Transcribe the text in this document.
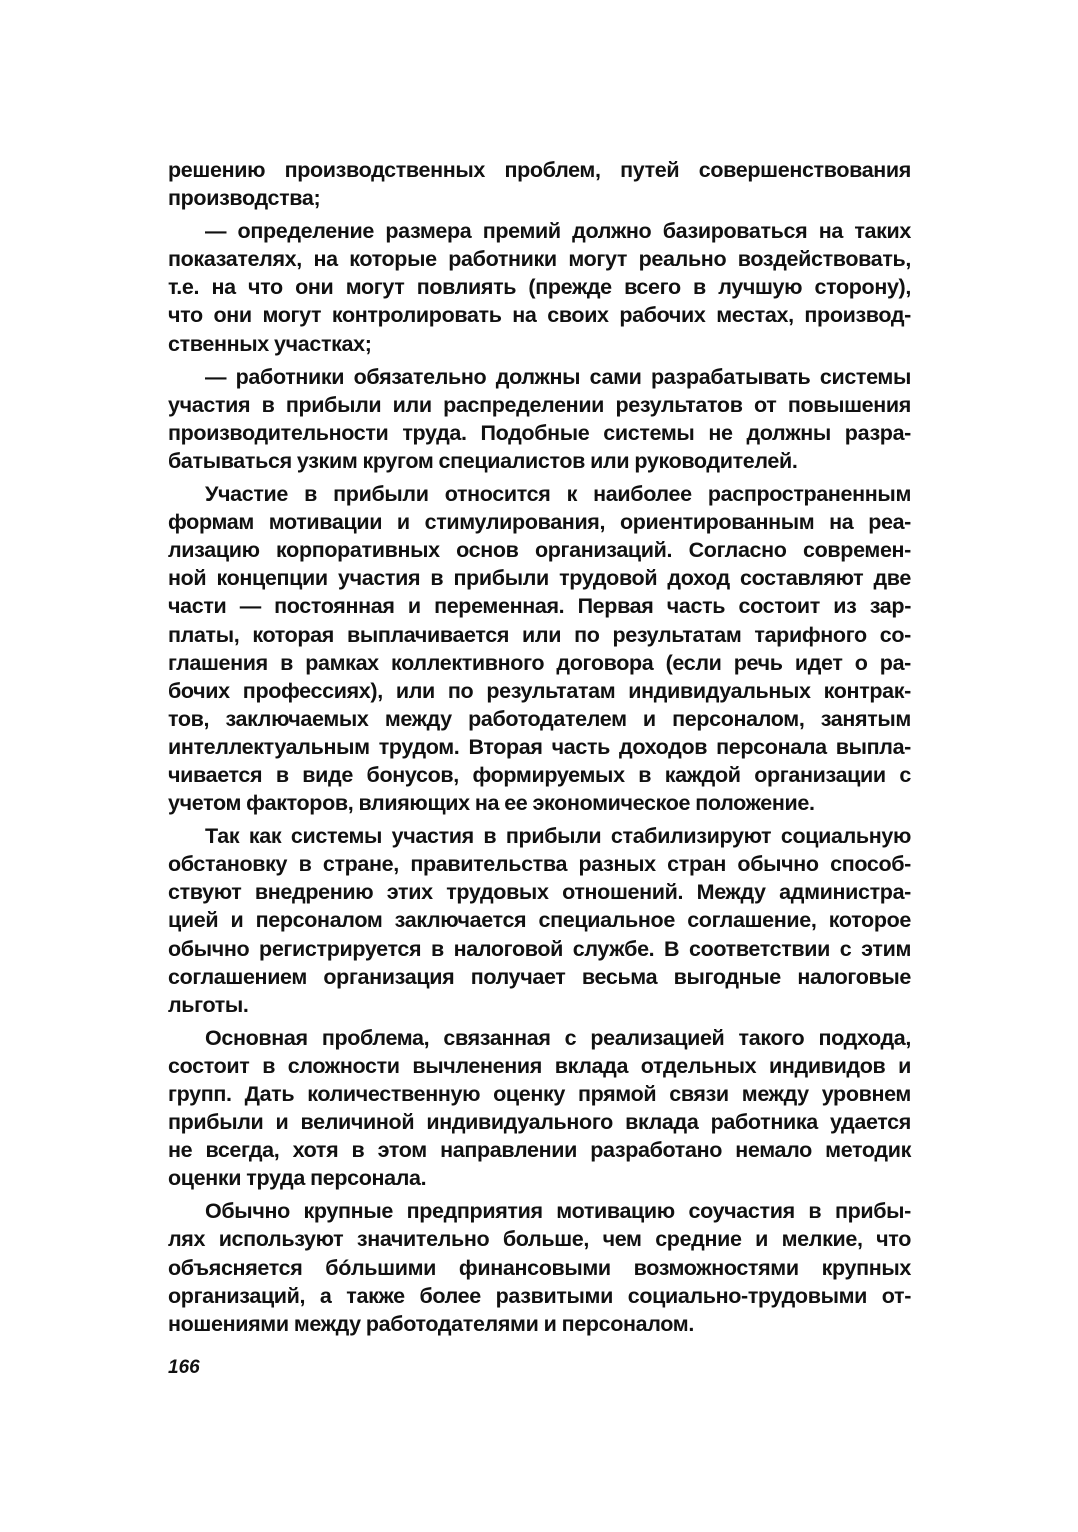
решению производственных проблем, путей совершенствования
производства;
— определение размера премий должно базироваться на таких
показателях, на которые работники могут реально воздействовать,
т.е. на что они могут повлиять (прежде всего в лучшую сторону),
что они могут контролировать на своих рабочих местах, производ-
ственных участках;
— работники обязательно должны сами разрабатывать системы
участия в прибыли или распределении результатов от повышения
производительности труда. Подобные системы не должны разра-
батываться узким кругом специалистов или руководителей.
Участие в прибыли относится к наиболее распространенным
формам мотивации и стимулирования, ориентированным на реа-
лизацию корпоративных основ организаций. Согласно современ-
ной концепции участия в прибыли трудовой доход составляют две
части — постоянная и переменная. Первая часть состоит из зар-
платы, которая выплачивается или по результатам тарифного со-
глашения в рамках коллективного договора (если речь идет о ра-
бочих профессиях), или по результатам индивидуальных контрак-
тов, заключаемых между работодателем и персоналом, занятым
интеллектуальным трудом. Вторая часть доходов персонала выпла-
чивается в виде бонусов, формируемых в каждой организации с
учетом факторов, влияющих на ее экономическое положение.
Так как системы участия в прибыли стабилизируют социальную
обстановку в стране, правительства разных стран обычно способ-
ствуют внедрению этих трудовых отношений. Между администра-
цией и персоналом заключается специальное соглашение, которое
обычно регистрируется в налоговой службе. В соответствии с этим
соглашением организация получает весьма выгодные налоговые
льготы.
Основная проблема, связанная с реализацией такого подхода,
состоит в сложности вычленения вклада отдельных индивидов и
групп. Дать количественную оценку прямой связи между уровнем
прибыли и величиной индивидуального вклада работника удается
не всегда, хотя в этом направлении разработано немало методик
оценки труда персонала.
Обычно крупные предприятия мотивацию соучастия в прибы-
лях используют значительно больше, чем средние и мелкие, что
объясняется бóльшими финансовыми возможностями крупных
организаций, а также более развитыми социально-трудовыми от-
ношениями между работодателями и персоналом.
166
